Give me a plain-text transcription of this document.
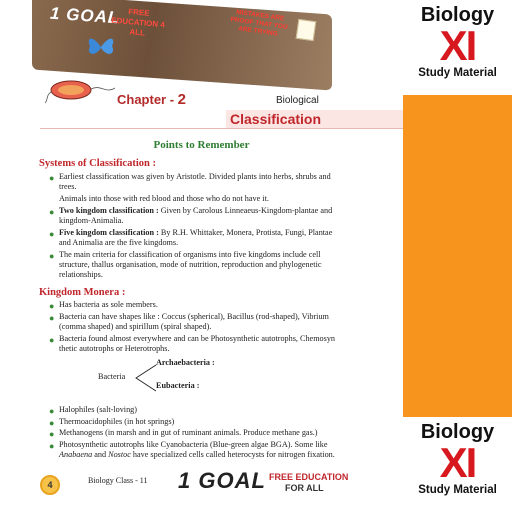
1 GOAL FREE EDUCATION 4 ALL
MISTAKES ARE PROOF THAT YOU ARE TRYING
Chapter - 2	Biological
Classification
Points to Remember
Systems of Classification :
● Earliest classification was given by Aristotle. Divided plants into herbs, shrubs and trees.
Animals into those with red blood and those who do not have it.
● Two kingdom classification : Given by Carolous Linneaeus-Kingdom-plantae and kingdom-Animalia.
● Five kingdom classification : By R.H. Whittaker, Monera, Protista, Fungi, Plantae and Animalia are the five kingdoms.
● The main criteria for classification of organisms into five kingdoms include cell structure, thallus organisation, mode of nutrition, reproduction and phylogenetic relationships.
Kingdom Monera :
● Has bacteria as sole members.
● Bacteria can have shapes like : Coccus (spherical), Bacillus (rod-shaped), Vibrium (comma shaped) and spirillum (spiral shaped).
● Bacteria found almost everywhere and can be Photosynthetic autotrophs, Chemosyn thetic autotrophs or Heterotrophs.
Bacteria
Archaebacteria :
Eubacteria :
● Halophiles (salt-loving)
● Thermoacidophiles (in hot springs)
● Methanogens (in marsh and in gut of ruminant animals. Produce methane gas.)
● Photosynthetic autotrophs like Cyanobacteria (Blue-green algae BGA). Some like Anabaena and Nostoc have specialized cells called heterocysts for nitrogen fixation.
4	Biology Class - 11 1 GOAL FREE EDUCATION
FOR ALL
Biology
XI
Study Material
Biology
XI
Study Material
